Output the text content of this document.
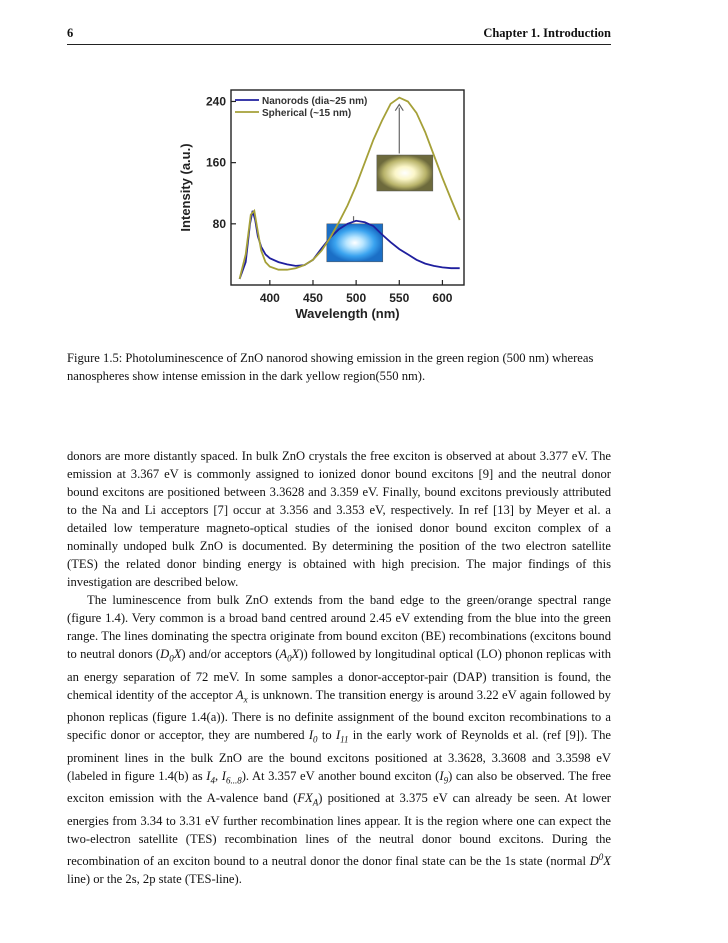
6	Chapter 1. Introduction
400 450 500 550 600
80
160
240
Wavelength (nm)
Intensity (a.u.)
Nanorods (dia~25 nm)
Spherical (~15 nm)
Figure 1.5: Photoluminescence of ZnO nanorod showing emission in the green region (500 nm) whereas nanospheres show intense emission in the dark yellow region(550 nm).

donors are more distantly spaced. In bulk ZnO crystals the free exciton is observed at about 3.377 eV. The emission at 3.367 eV is commonly assigned to ionized donor bound excitons [9] and the neutral donor bound excitons are positioned between 3.3628 and 3.359 eV. Finally, bound excitons previously attributed to the Na and Li acceptors [7] occur at 3.356 and 3.353 eV, respectively. In ref [13] by Meyer et al. a detailed low temperature magneto-optical studies of the ionised donor bound exciton complex of a nominally undoped bulk ZnO is documented. By determining the position of the two electron satellite (TES) the related donor binding energy is obtained with high precision. The major findings of this investigation are described below.

The luminescence from bulk ZnO extends from the band edge to the green/orange spectral range (figure 1.4). Very common is a broad band centred around 2.45 eV extending from the blue into the green range. The lines dominating the spectra originate from bound exciton (BE) recombinations (excitons bound to neutral donors $(D_0X)$ and/or acceptors $(A_0X)$) followed by longitudinal optical (LO) phonon replicas with an energy separation of 72 meV. In some samples a donor-acceptor-pair (DAP) transition is found, the chemical identity of the acceptor $A_x$ is unknown. The transition energy is around 3.22 eV again followed by phonon replicas (figure 1.4(a)). There is no definite assignment of the bound exciton recombinations to a specific donor or acceptor, they are numbered $I_0$ to $I_{11}$ in the early work of Reynolds et al. (ref [9]). The prominent lines in the bulk ZnO are the bound excitons positioned at 3.3628, 3.3608 and 3.3598 eV (labeled in figure 1.4(b) as $I_4$, $I_{6...8}$). At 3.357 eV another bound exciton $(I_9)$ can also be observed. The free exciton emission with the A-valence band $(FX_A)$ positioned at 3.375 eV can already be seen. At lower energies from 3.34 to 3.31 eV further recombination lines appear. It is the region where one can expect the two-electron satellite (TES) recombination lines of the neutral donor bound excitons. During the recombination of an exciton bound to a neutral donor the donor final state can be the 1s state (normal $D^0X$ line) or the 2s, 2p state (TES-line).
